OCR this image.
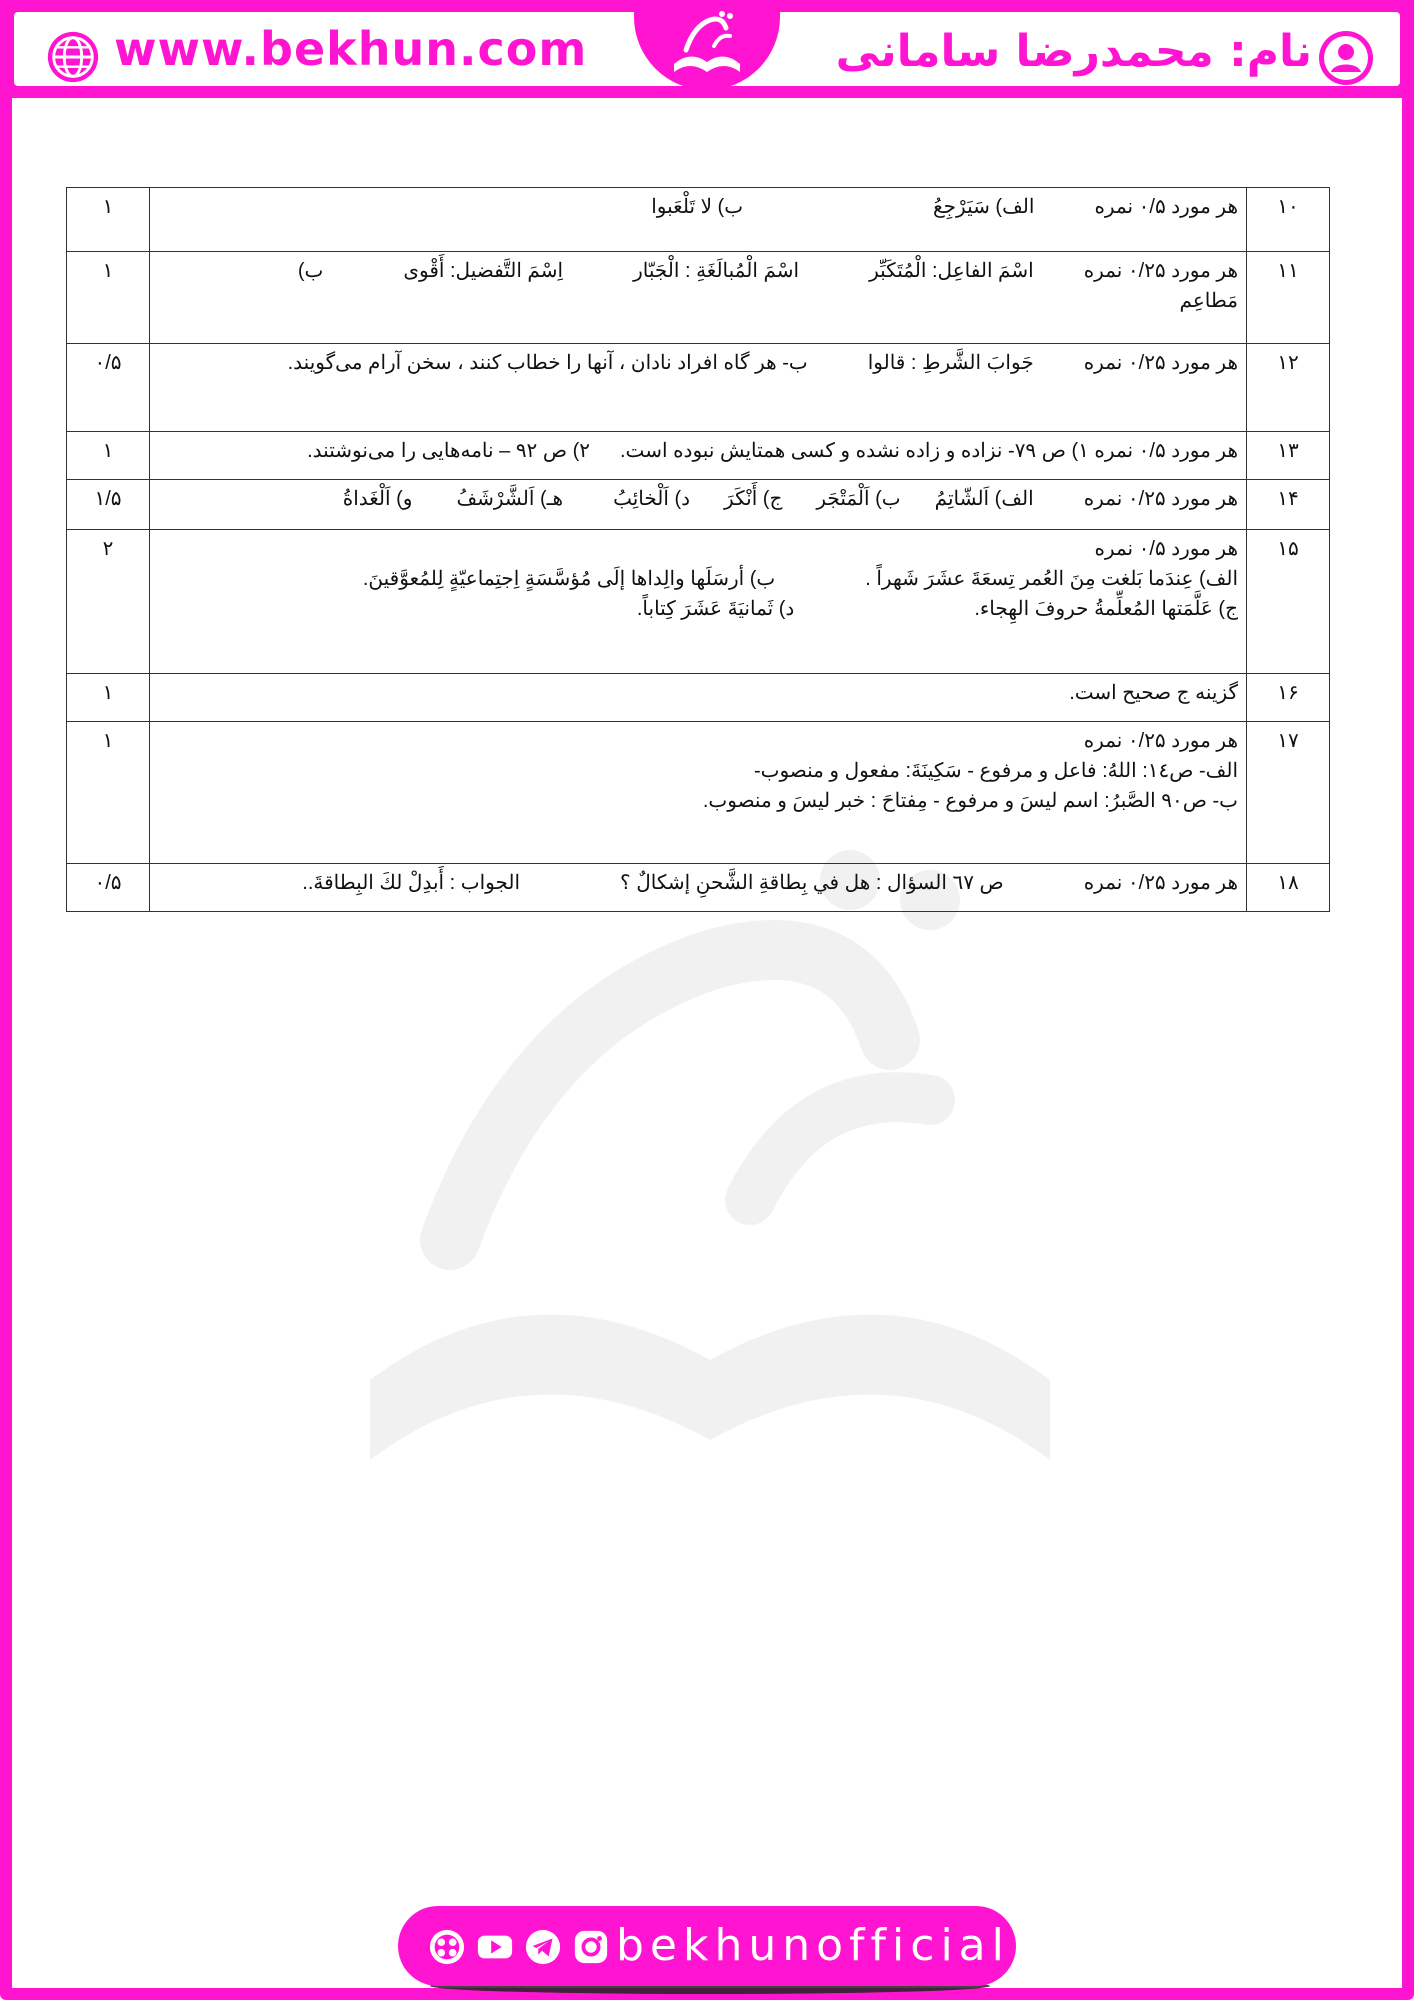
www.bekhun.com	نام: محمدرضا سامانی
۱۰	هر مورد ۰/۵ نمرهالف) سَيَرْجِعُب) لا تَلْعَبوا	۱
۱۱	هر مورد ۰/۲۵ نمرهاسْمَ الفاعِل: الْمُتَكَبِّراسْمَ الْمُبالَغَةِ : الْجَبّاراِسْمَ التَّفضيل: أَقْوىب)
مَطاعِم	۱
۱۲	هر مورد ۰/۲۵ نمرهجَوابَ الشَّرطِ : قالواب- هر گاه افراد نادان ، آنها را خطاب کنند ، سخن آرام می‌گویند.	۰/۵
۱۳	هر مورد ۰/۵ نمره ۱) ص ۷۹- نزاده و زاده نشده و کسی همتایش نبوده است.۲) ص ۹۲ – نامه‌هایی را می‌نوشتند.	۱
۱۴	هر مورد ۰/۲۵ نمرهالف) اَلشّاتِمُب) اَلْمَتْجَرج) أَنْكَرَد) اَلْخائِبُهـ) اَلشَّرْشَفُو) اَلْغَداةُ	۱/۵
۱۵	هر مورد ۰/۵ نمره
الف) عِندَما بَلغت مِنَ العُمر تِسعَةَ عشَرَ شَهراً .ب) أرسَلَها والِداها إلَى مُؤسَّسَةٍ اِجتِماعيّةٍ لِلمُعوَّقينَ.
ج) عَلَّمَتها المُعلِّمةُ حروفَ الهِجاء.د) ثَمانيَةَ عَشَرَ كِتاباً.	۲
۱۶	گزینه ج صحیح است.	۱
۱۷	هر مورد ۰/۲۵ نمره
الف- ص۱٤: اللهُ: فاعل و مرفوع - سَكِينَةَ: مفعول و منصوب-
ب- ص۹۰ الصَّبرُ: اسم لیسَ و مرفوع - مِفتاحَ : خبر لیسَ و منصوب.	۱
۱۸	هر مورد ۰/۲۵ نمرهص ٦۷ السؤال : هل في بِطاقةِ الشَّحنِ إشكالٌ ؟الجواب : أَبدِلْ لكَ البِطاقةَ..	۰/۵
bekhunofficial
